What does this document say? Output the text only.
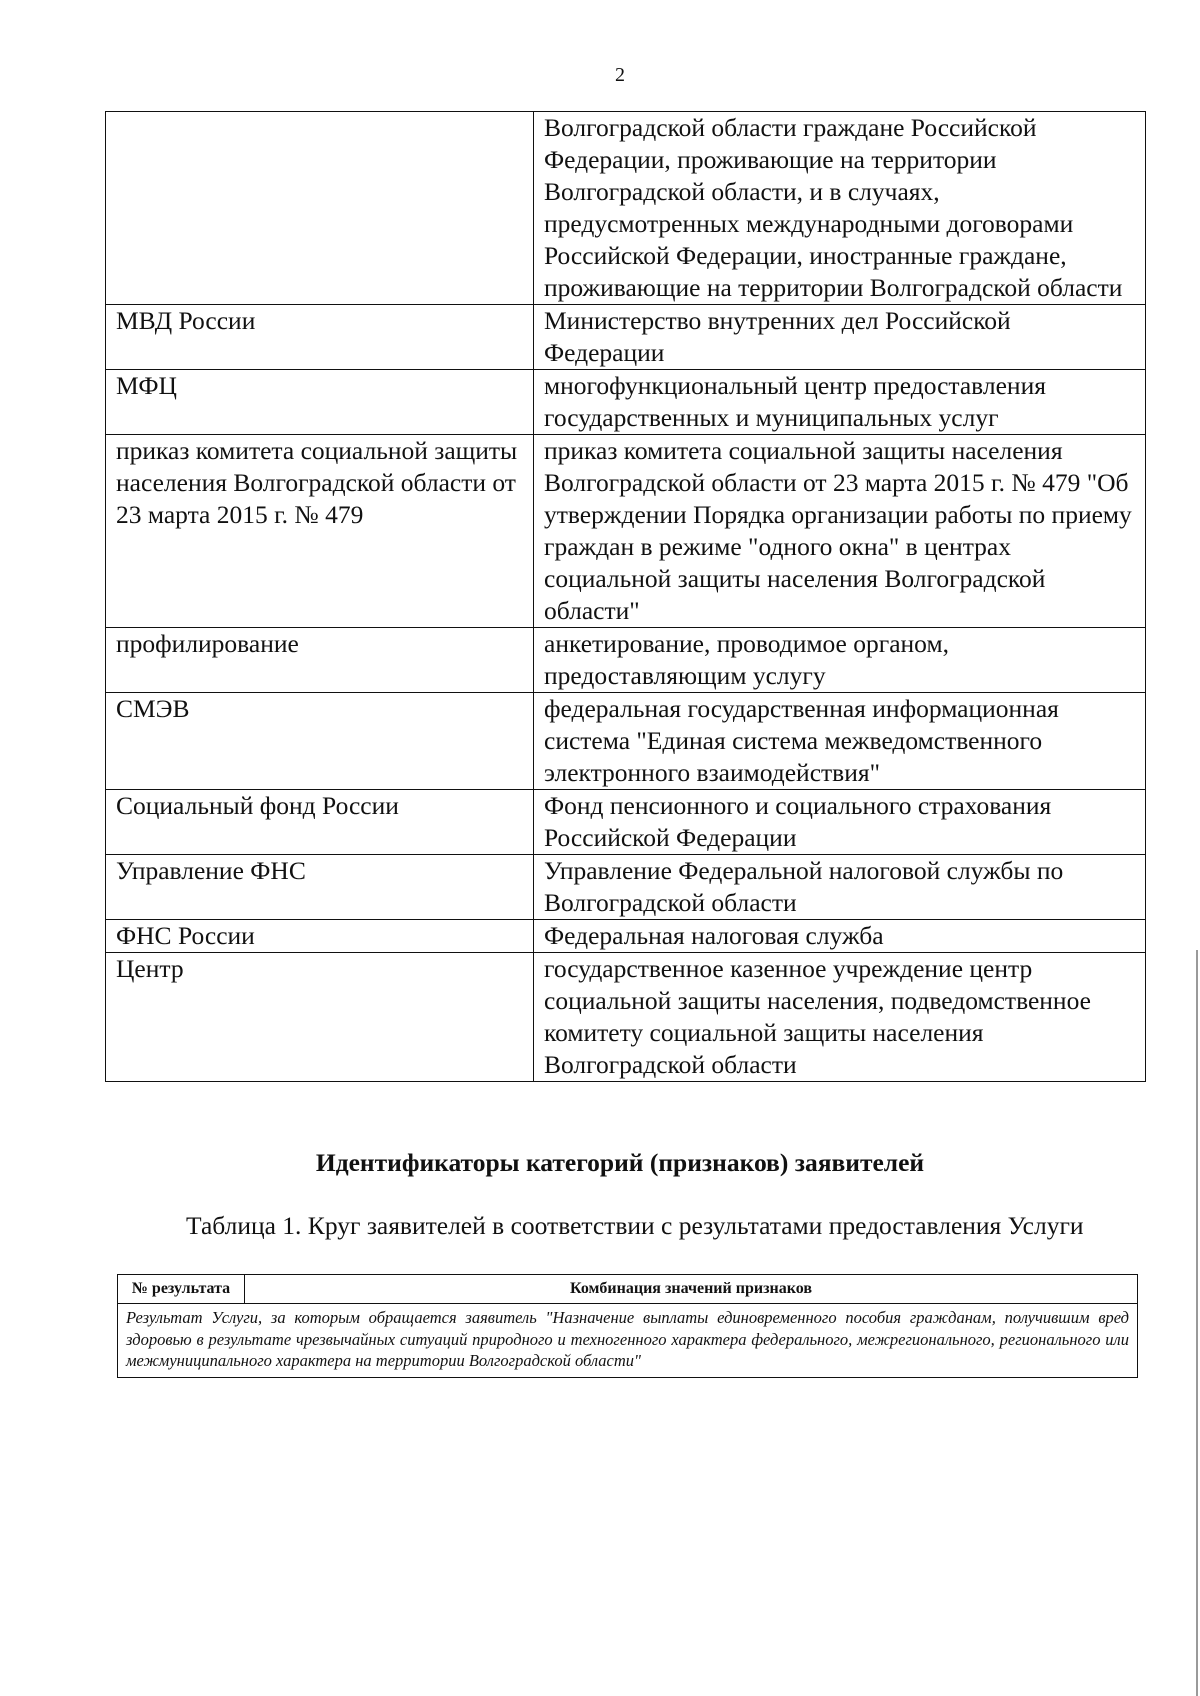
2
	Волгоградской области граждане Российской Федерации, проживающие на территории Волгоградской области, и в случаях, предусмотренных международными договорами Российской Федерации, иностранные граждане, проживающие на территории Волгоградской области
МВД России	Министерство внутренних дел Российской Федерации
МФЦ	многофункциональный центр предоставления государственных и муниципальных услуг
приказ комитета социальной защиты населения Волгоградской области от 23 марта 2015 г. № 479	приказ комитета социальной защиты населения Волгоградской области от 23 марта 2015 г. № 479 "Об утверждении Порядка организации работы по приему граждан в режиме "одного окна" в центрах социальной защиты населения Волгоградской области"
профилирование	анкетирование, проводимое органом, предоставляющим услугу
СМЭВ	федеральная государственная информационная система "Единая система межведомственного электронного взаимодействия"
Социальный фонд России	Фонд пенсионного и социального страхования Российской Федерации
Управление ФНС	Управление Федеральной налоговой службы по Волгоградской области
ФНС России	Федеральная налоговая служба
Центр	государственное казенное учреждение центр социальной защиты населения, подведомственное комитету социальной защиты населения Волгоградской области
Идентификаторы категорий (признаков) заявителей
Таблица 1. Круг заявителей в соответствии с результатами предоставления Услуги
№ результата	Комбинация значений признаков
Результат Услуги, за которым обращается заявитель "Назначение выплаты единовременного пособия гражданам, получившим вред здоровью в результате чрезвычайных ситуаций природного и техногенного характера федерального, межрегионального, регионального или межмуниципального характера на территории Волгоградской области"
